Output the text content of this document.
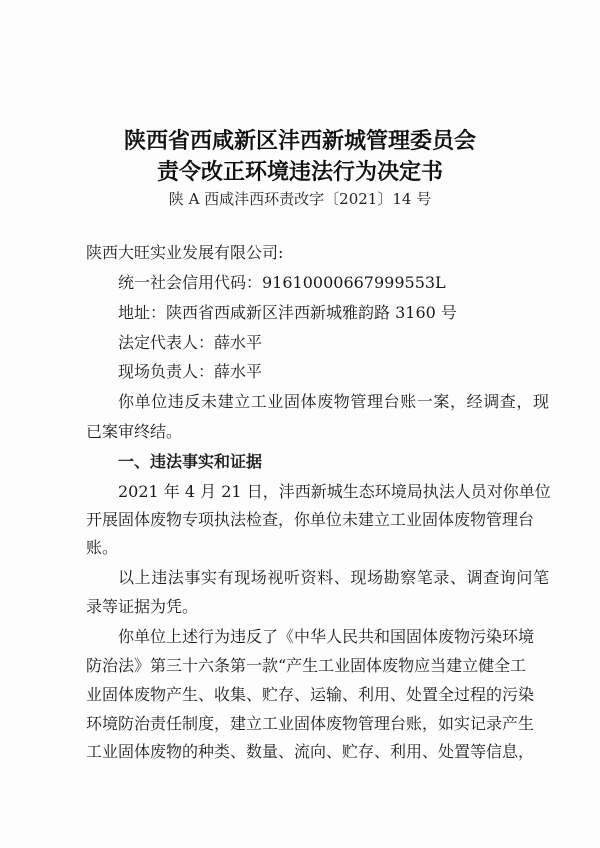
陕西省西咸新区沣西新城管理委员会
责令改正环境违法行为决定书
陕 A 西咸沣西环责改字〔2021〕14 号
陕西大旺实业发展有限公司:
统一社会信用代码：91610000667999553L
地址：陕西省西咸新区沣西新城雅韵路 3160 号
法定代表人：薛水平
现场负责人：薛水平
你单位违反未建立工业固体废物管理台账一案，经调查，现
已案审终结。
一、违法事实和证据
2021 年 4 月 21 日，沣西新城生态环境局执法人员对你单位
开展固体废物专项执法检查，你单位未建立工业固体废物管理台
账。
以上违法事实有现场视听资料、现场勘察笔录、调查询问笔
录等证据为凭。
你单位上述行为违反了《中华人民共和国固体废物污染环境
防治法》第三十六条第一款“产生工业固体废物应当建立健全工
业固体废物产生、收集、贮存、运输、利用、处置全过程的污染
环境防治责任制度，建立工业固体废物管理台账，如实记录产生
工业固体废物的种类、数量、流向、贮存、利用、处置等信息，
